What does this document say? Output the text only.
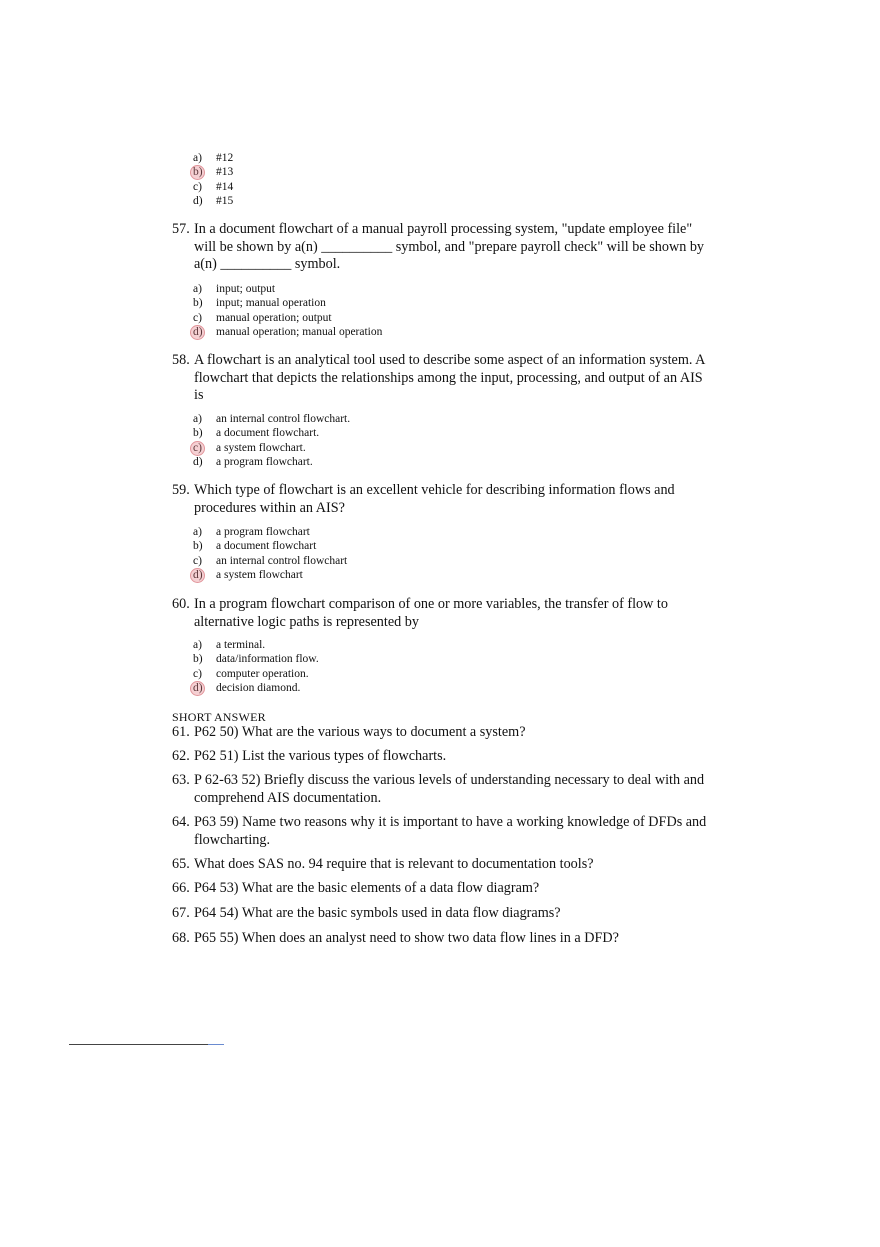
a) #12
b) #13
c) #14
d) #15
57. In a document flowchart of a manual payroll processing system, "update employee file" will be shown by a(n) __________ symbol, and "prepare payroll check" will be shown by a(n) __________ symbol.
a) input; output
b) input; manual operation
c) manual operation; output
d) manual operation; manual operation
58. A flowchart is an analytical tool used to describe some aspect of an information system. A flowchart that depicts the relationships among the input, processing, and output of an AIS is
a) an internal control flowchart.
b) a document flowchart.
c) a system flowchart.
d) a program flowchart.
59. Which type of flowchart is an excellent vehicle for describing information flows and procedures within an AIS?
a) a program flowchart
b) a document flowchart
c) an internal control flowchart
d) a system flowchart
60. In a program flowchart comparison of one or more variables, the transfer of flow to alternative logic paths is represented by
a) a terminal.
b) data/information flow.
c) computer operation.
d) decision diamond.
SHORT ANSWER
61. P62 50) What are the various ways to document a system?
62. P62 51) List the various types of flowcharts.
63. P 62-63 52) Briefly discuss the various levels of understanding necessary to deal with and comprehend AIS documentation.
64. P63 59) Name two reasons why it is important to have a working knowledge of DFDs and flowcharting.
65. What does SAS no. 94 require that is relevant to documentation tools?
66. P64 53) What are the basic elements of a data flow diagram?
67. P64 54) What are the basic symbols used in data flow diagrams?
68. P65 55) When does an analyst need to show two data flow lines in a DFD?
